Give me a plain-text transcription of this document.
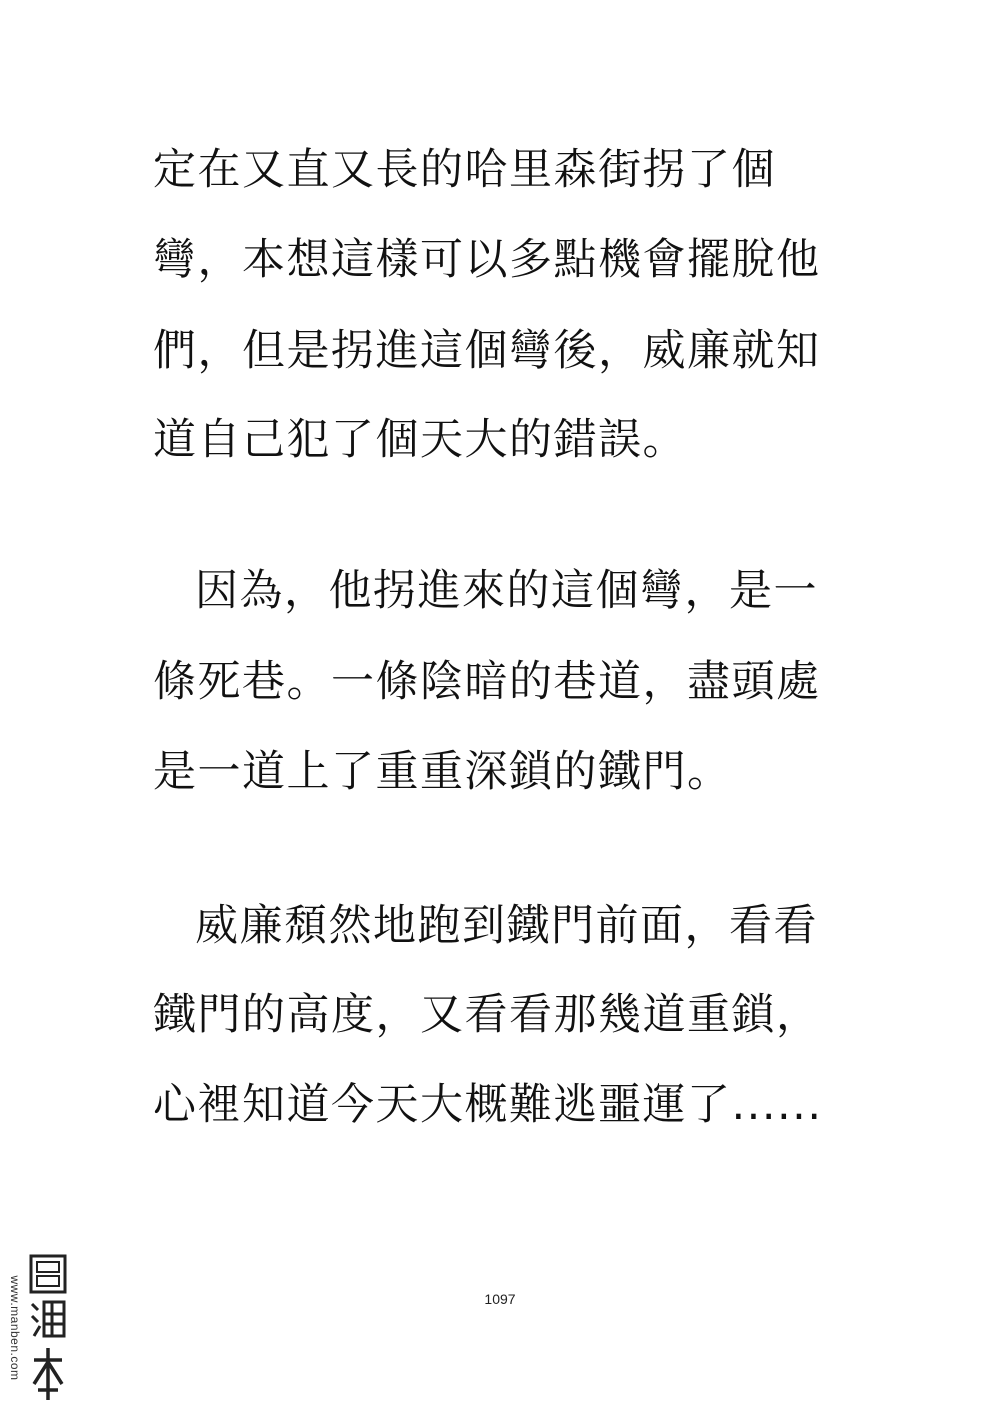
定在又直又長的哈里森街拐了個
彎，本想這樣可以多點機會擺脫他
們，但是拐進這個彎後，威廉就知
道自己犯了個天大的錯誤。
因為，他拐進來的這個彎，是一
條死巷。一條陰暗的巷道，盡頭處
是一道上了重重深鎖的鐵門。
威廉頹然地跑到鐵門前面，看看
鐵門的高度，又看看那幾道重鎖，
心裡知道今天大概難逃噩運了......
1097
www.manben.com
